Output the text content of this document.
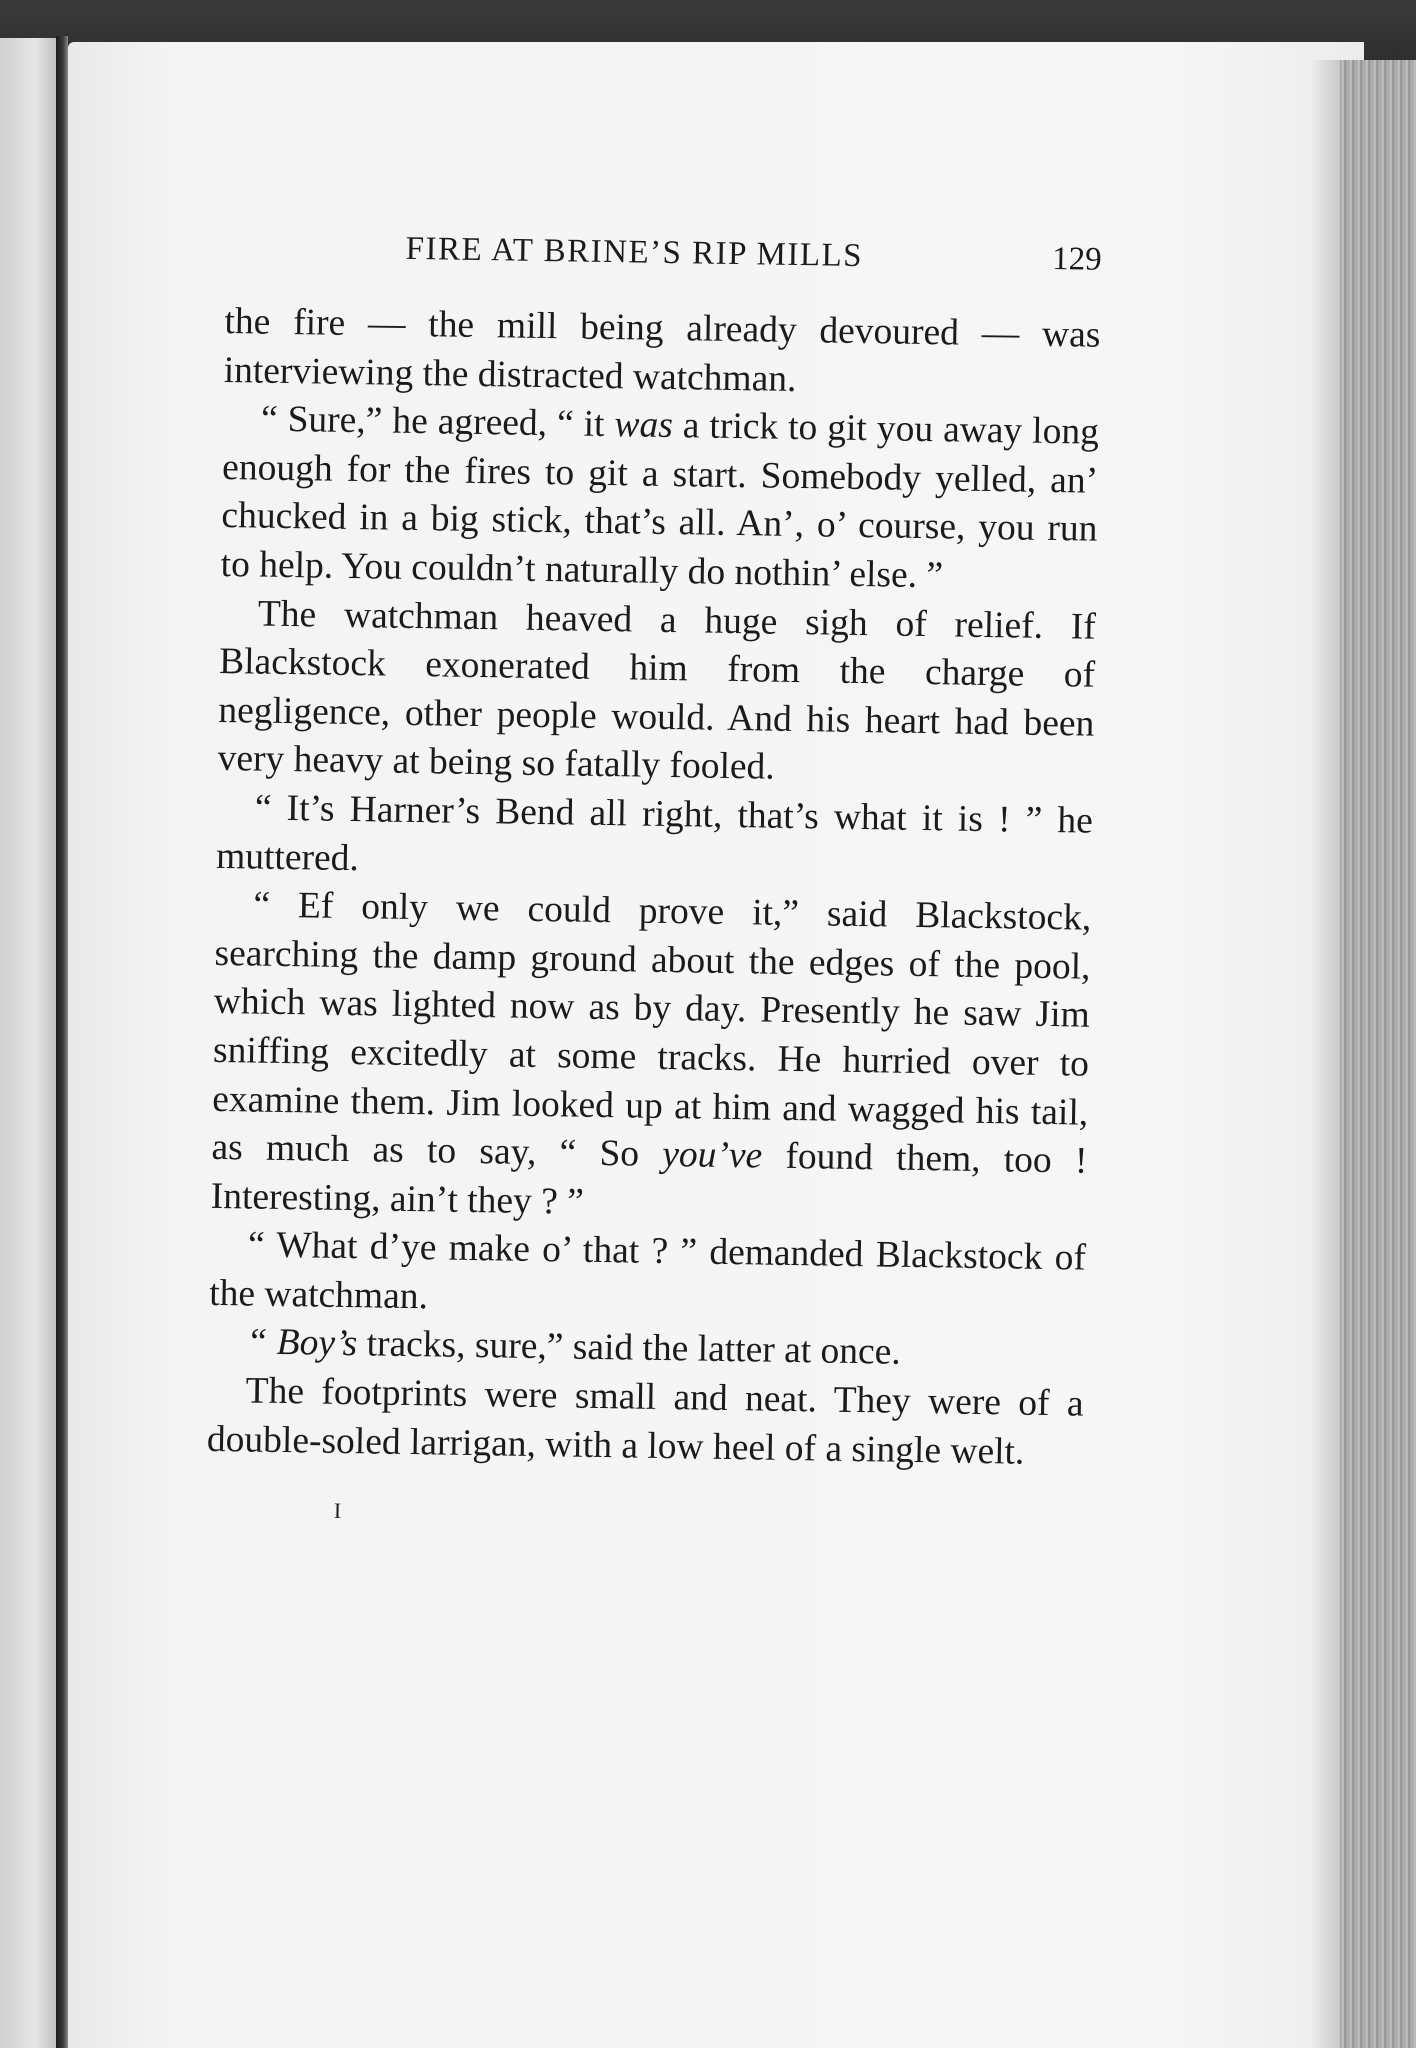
FIRE AT BRINE’S RIP MILLS	129

the fire — the mill being already devoured — was interviewing the distracted watchman.

“ Sure,” he agreed, “ it was a trick to git you away long enough for the fires to git a start. Somebody yelled, an’ chucked in a big stick, that’s all. An’, o’ course, you run to help. You couldn’t naturally do nothin’ else. ”

The watchman heaved a huge sigh of relief. If Blackstock exonerated him from the charge of negligence, other people would. And his heart had been very heavy at being so fatally fooled.

“ It’s Harner’s Bend all right, that’s what it is ! ” he muttered.

“ Ef only we could prove it,” said Blackstock, searching the damp ground about the edges of the pool, which was lighted now as by day. Presently he saw Jim sniffing excitedly at some tracks. He hurried over to examine them. Jim looked up at him and wagged his tail, as much as to say, “ So you’ve found them, too ! Interesting, ain’t they ? ”

“ What d’ye make o’ that ? ” demanded Blackstock of the watchman.

“ Boy’s tracks, sure,” said the latter at once.

The footprints were small and neat. They were of a double-soled larrigan, with a low heel of a single welt.

I
